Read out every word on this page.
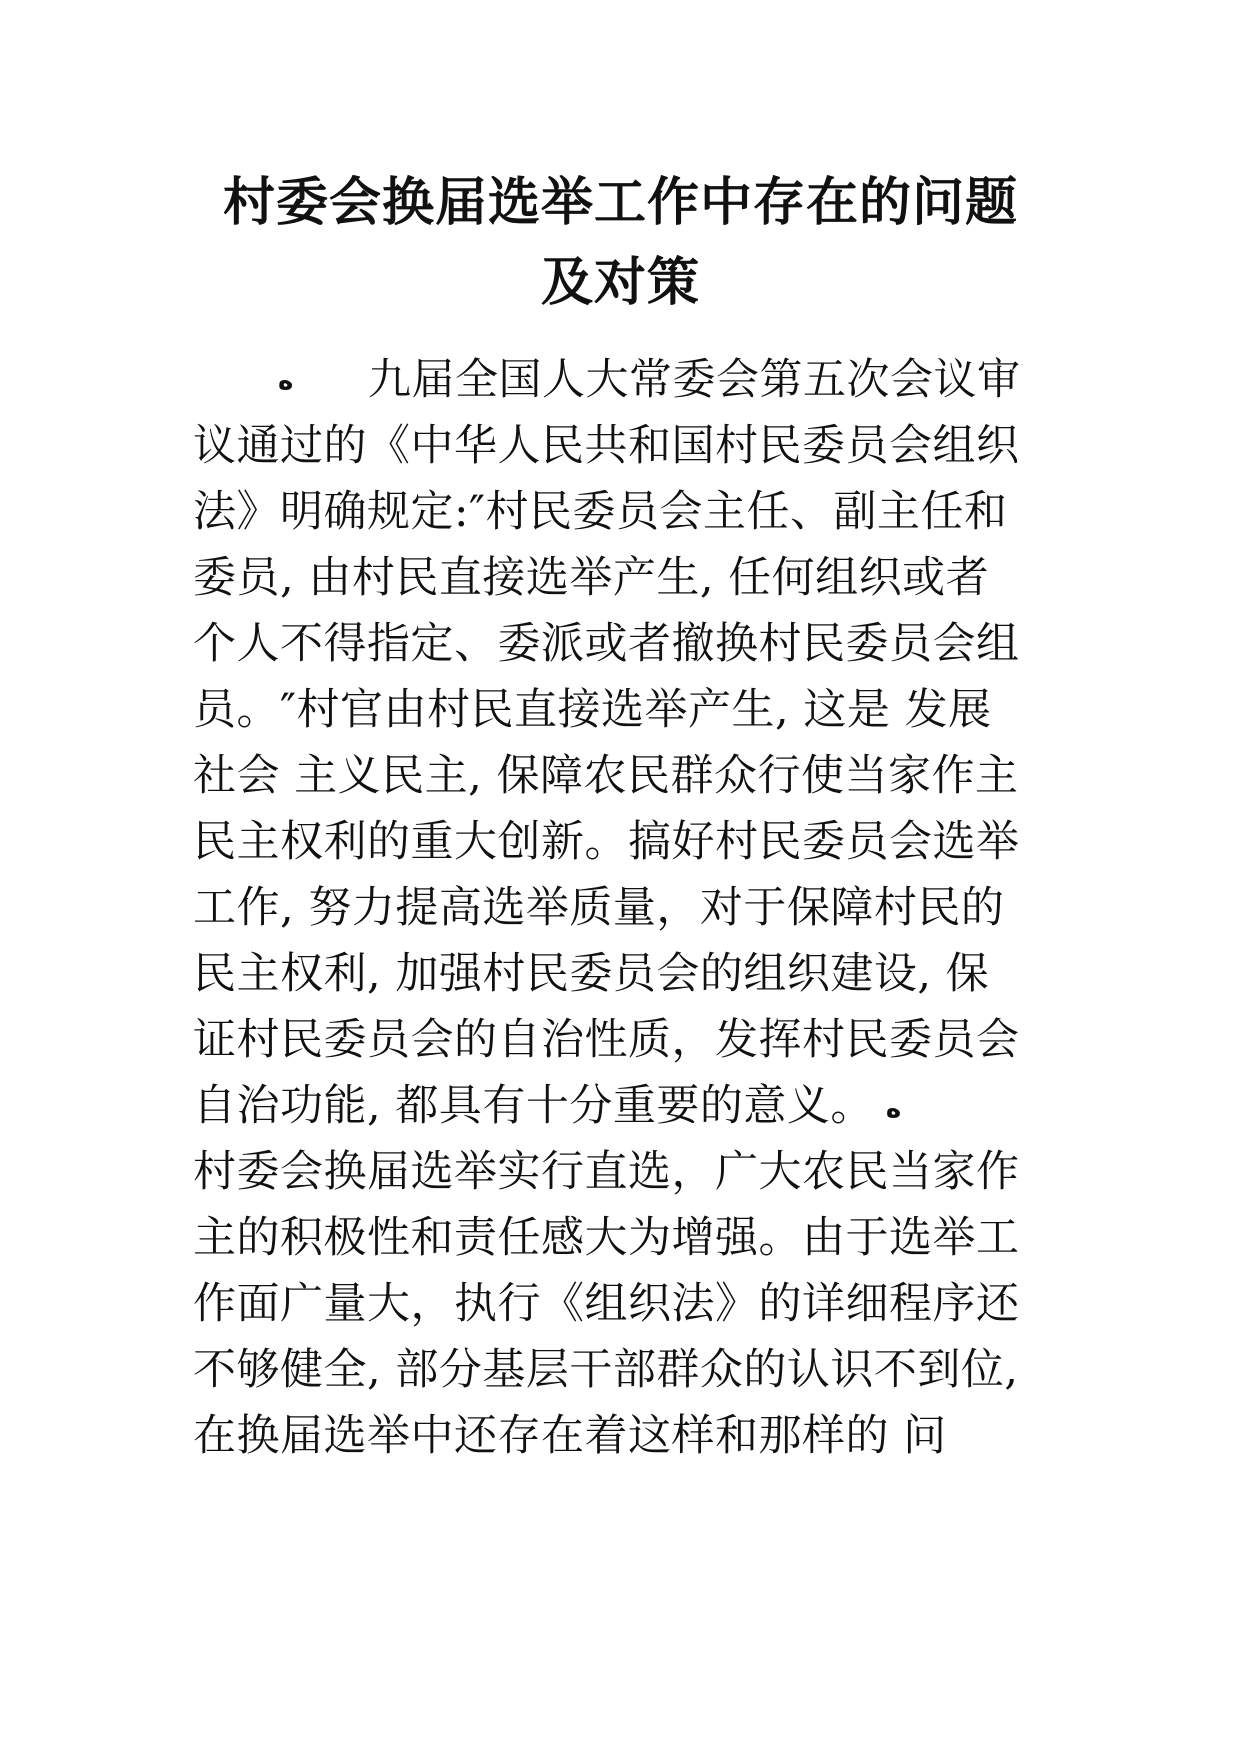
村委会换届选举工作中存在的问题
及对策
ه 九届全国人大常委会第五次会议审

议通过的《中华人民共和国村民委员会组织

法》明确规定:″村民委员会主任、副主任和

委员, 由村民直接选举产生, 任何组织或者

个人不得指定、委派或者撤换村民委员会组

员。″村官由村民直接选举产生, 这是 发展

社会 主义民主, 保障农民群众行使当家作主

民主权利的重大创新。搞好村民委员会选举

工作, 努力提高选举质量，对于保障村民的

民主权利, 加强村民委员会的组织建设, 保

证村民委员会的自治性质，发挥村民委员会

自治功能, 都具有十分重要的意义。 ه

村委会换届选举实行直选，广大农民当家作

主的积极性和责任感大为增强。由于选举工

作面广量大，执行《组织法》的详细程序还

不够健全, 部分基层干部群众的认识不到位,

在换届选举中还存在着这样和那样的 问
